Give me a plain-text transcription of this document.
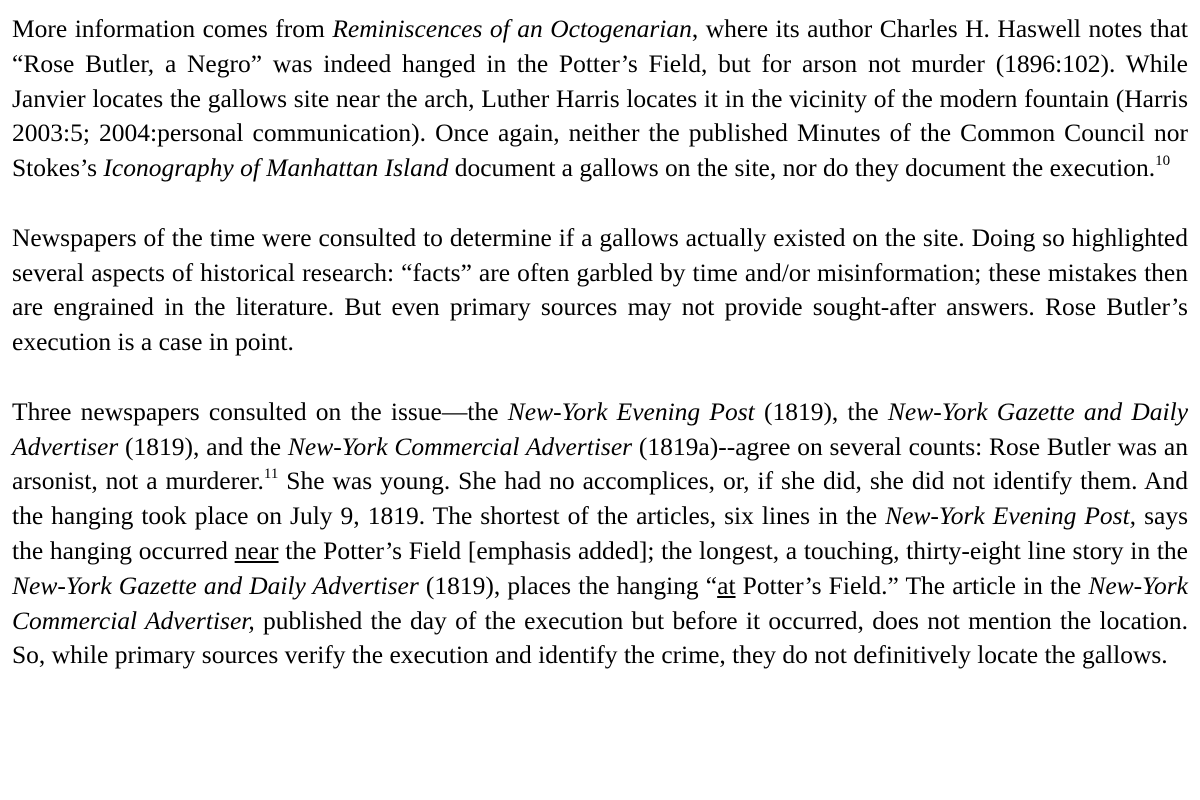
More information comes from Reminiscences of an Octogenarian, where its author Charles H. Haswell notes that “Rose Butler, a Negro” was indeed hanged in the Potter’s Field, but for arson not murder (1896:102). While Janvier locates the gallows site near the arch, Luther Harris locates it in the vicinity of the modern fountain (Harris 2003:5; 2004:personal communication). Once again, neither the published Minutes of the Common Council nor Stokes’s Iconography of Manhattan Island document a gallows on the site, nor do they document the execution.$^{10}$

Newspapers of the time were consulted to determine if a gallows actually existed on the site. Doing so highlighted several aspects of historical research: “facts” are often garbled by time and/or misinformation; these mistakes then are engrained in the literature. But even primary sources may not provide sought-after answers. Rose Butler’s execution is a case in point.

Three newspapers consulted on the issue—the New-York Evening Post (1819), the New-York Gazette and Daily Advertiser (1819), and the New-York Commercial Advertiser (1819a)--agree on several counts: Rose Butler was an arsonist, not a murderer.$^{11}$ She was young. She had no accomplices, or, if she did, she did not identify them. And the hanging took place on July 9, 1819. The shortest of the articles, six lines in the New-York Evening Post, says the hanging occurred near the Potter’s Field [emphasis added]; the longest, a touching, thirty-eight line story in the New-York Gazette and Daily Advertiser (1819), places the hanging “at Potter’s Field.” The article in the New-York Commercial Advertiser, published the day of the execution but before it occurred, does not mention the location. So, while primary sources verify the execution and identify the crime, they do not definitively locate the gallows.
